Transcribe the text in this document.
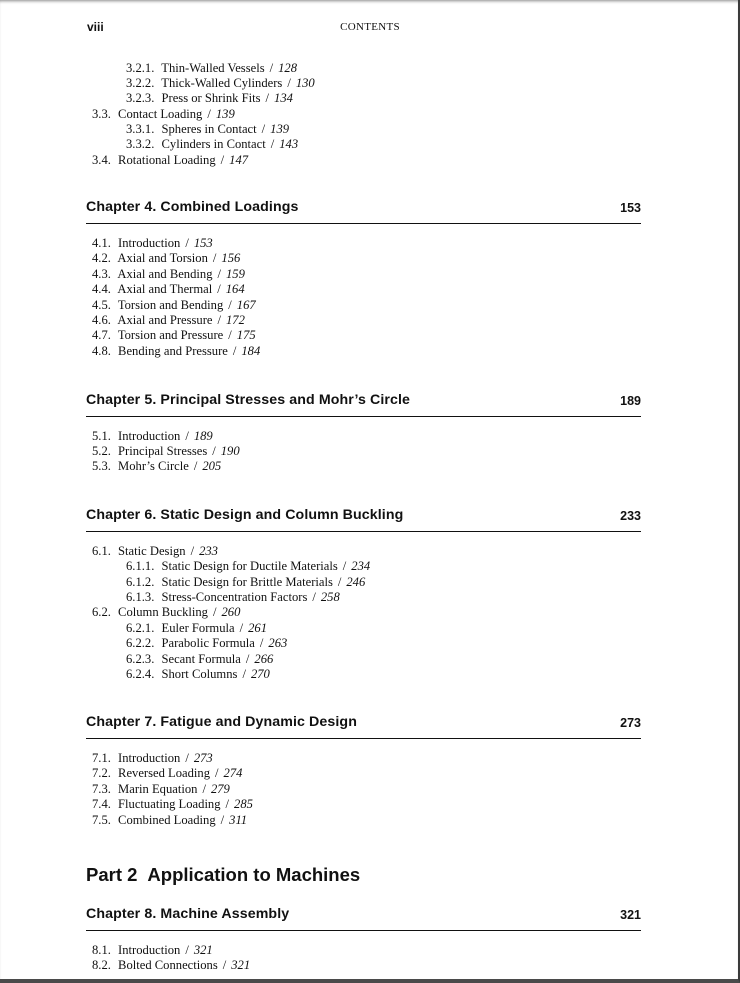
viii	CONTENTS
3.2.1. Thin-Walled Vessels / 128
3.2.2. Thick-Walled Cylinders / 130
3.2.3. Press or Shrink Fits / 134
3.3. Contact Loading / 139
3.3.1. Spheres in Contact / 139
3.3.2. Cylinders in Contact / 143
3.4. Rotational Loading / 147
Chapter 4. Combined Loadings	153
4.1. Introduction / 153
4.2. Axial and Torsion / 156
4.3. Axial and Bending / 159
4.4. Axial and Thermal / 164
4.5. Torsion and Bending / 167
4.6. Axial and Pressure / 172
4.7. Torsion and Pressure / 175
4.8. Bending and Pressure / 184
Chapter 5. Principal Stresses and Mohr’s Circle	189
5.1. Introduction / 189
5.2. Principal Stresses / 190
5.3. Mohr’s Circle / 205
Chapter 6. Static Design and Column Buckling	233
6.1. Static Design / 233
6.1.1. Static Design for Ductile Materials / 234
6.1.2. Static Design for Brittle Materials / 246
6.1.3. Stress-Concentration Factors / 258
6.2. Column Buckling / 260
6.2.1. Euler Formula / 261
6.2.2. Parabolic Formula / 263
6.2.3. Secant Formula / 266
6.2.4. Short Columns / 270
Chapter 7. Fatigue and Dynamic Design	273
7.1. Introduction / 273
7.2. Reversed Loading / 274
7.3. Marin Equation / 279
7.4. Fluctuating Loading / 285
7.5. Combined Loading / 311
Part 2 Application to Machines
Chapter 8. Machine Assembly	321
8.1. Introduction / 321
8.2. Bolted Connections / 321
